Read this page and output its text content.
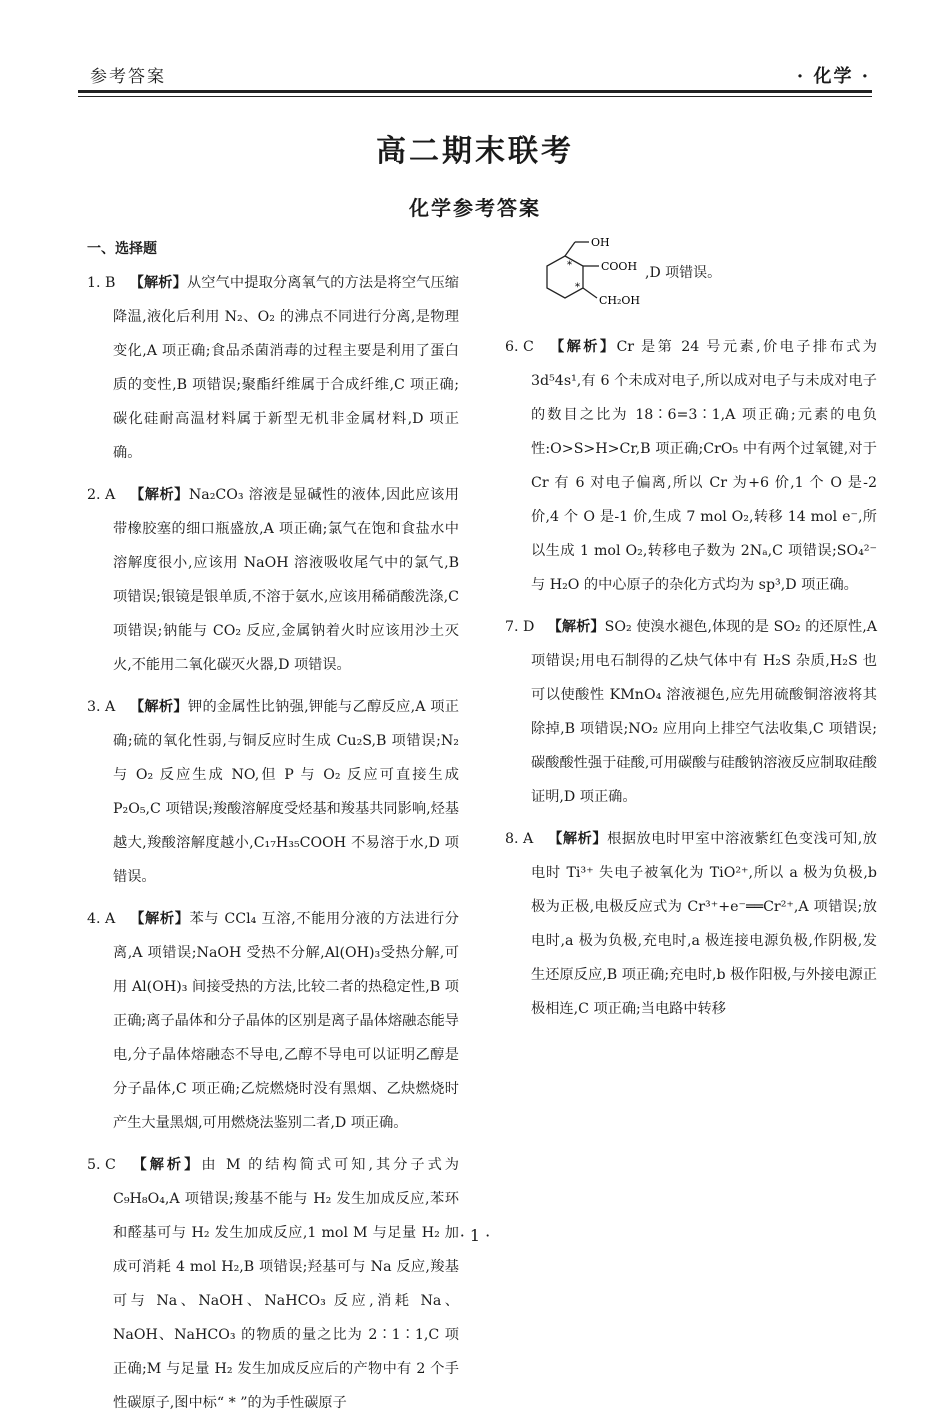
参考答案	· 化学 ·
高二期末联考
化学参考答案
一、选择题
1. B 【解析】从空气中提取分离氧气的方法是将空气压缩降温,液化后利用 N₂、O₂ 的沸点不同进行分离,是物理变化,A 项正确;食品杀菌消毒的过程主要是利用了蛋白质的变性,B 项错误;聚酯纤维属于合成纤维,C 项正确;碳化硅耐高温材料属于新型无机非金属材料,D 项正确。
2. A 【解析】Na₂CO₃ 溶液是显碱性的液体,因此应该用带橡胶塞的细口瓶盛放,A 项正确;氯气在饱和食盐水中溶解度很小,应该用 NaOH 溶液吸收尾气中的氯气,B 项错误;银镜是银单质,不溶于氨水,应该用稀硝酸洗涤,C 项错误;钠能与 CO₂ 反应,金属钠着火时应该用沙土灭火,不能用二氧化碳灭火器,D 项错误。
3. A 【解析】钾的金属性比钠强,钾能与乙醇反应,A 项正确;硫的氧化性弱,与铜反应时生成 Cu₂S,B 项错误;N₂ 与 O₂ 反应生成 NO,但 P 与 O₂ 反应可直接生成 P₂O₅,C 项错误;羧酸溶解度受烃基和羧基共同影响,烃基越大,羧酸溶解度越小,C₁₇H₃₅COOH 不易溶于水,D 项错误。
4. A 【解析】苯与 CCl₄ 互溶,不能用分液的方法进行分离,A 项错误;NaOH 受热不分解,Al(OH)₃受热分解,可用 Al(OH)₃ 间接受热的方法,比较二者的热稳定性,B 项正确;离子晶体和分子晶体的区别是离子晶体熔融态能导电,分子晶体熔融态不导电,乙醇不导电可以证明乙醇是分子晶体,C 项正确;乙烷燃烧时没有黑烟、乙炔燃烧时产生大量黑烟,可用燃烧法鉴别二者,D 项正确。
5. C 【解析】由 M 的结构简式可知,其分子式为 C₉H₈O₄,A 项错误;羧基不能与 H₂ 发生加成反应,苯环和醛基可与 H₂ 发生加成反应,1 mol M 与足量 H₂ 加成可消耗 4 mol H₂,B 项错误;羟基可与 Na 反应,羧基可与 Na、NaOH、NaHCO₃ 反应,消耗 Na、NaOH、NaHCO₃ 的物质的量之比为 2∶1∶1,C 项正确;M 与足量 H₂ 发生加成反应后的产物中有 2 个手性碳原子,图中标“ * ”的为手性碳原子
OH
COOH
CH₂OH
*
*
,D 项错误。
6. C 【解析】Cr 是第 24 号元素,价电子排布式为 3d⁵4s¹,有 6 个未成对电子,所以成对电子与未成对电子的数目之比为 18∶6=3∶1,A 项正确;元素的电负性:O>S>H>Cr,B 项正确;CrO₅ 中有两个过氧键,对于 Cr 有 6 对电子偏离,所以 Cr 为+6 价,1 个 O 是-2 价,4 个 O 是-1 价,生成 7 mol O₂,转移 14 mol e⁻,所以生成 1 mol O₂,转移电子数为 2Nₐ,C 项错误;SO₄²⁻ 与 H₂O 的中心原子的杂化方式均为 sp³,D 项正确。
7. D 【解析】SO₂ 使溴水褪色,体现的是 SO₂ 的还原性,A 项错误;用电石制得的乙炔气体中有 H₂S 杂质,H₂S 也可以使酸性 KMnO₄ 溶液褪色,应先用硫酸铜溶液将其除掉,B 项错误;NO₂ 应用向上排空气法收集,C 项错误;碳酸酸性强于硅酸,可用碳酸与硅酸钠溶液反应制取硅酸证明,D 项正确。
8. A 【解析】根据放电时甲室中溶液紫红色变浅可知,放电时 Ti³⁺ 失电子被氧化为 TiO²⁺,所以 a 极为负极,b 极为正极,电极反应式为 Cr³⁺+e⁻══Cr²⁺,A 项错误;放电时,a 极为负极,充电时,a 极连接电源负极,作阴极,发生还原反应,B 项正确;充电时,b 极作阳极,与外接电源正极相连,C 项正确;当电路中转移
· 1 ·
